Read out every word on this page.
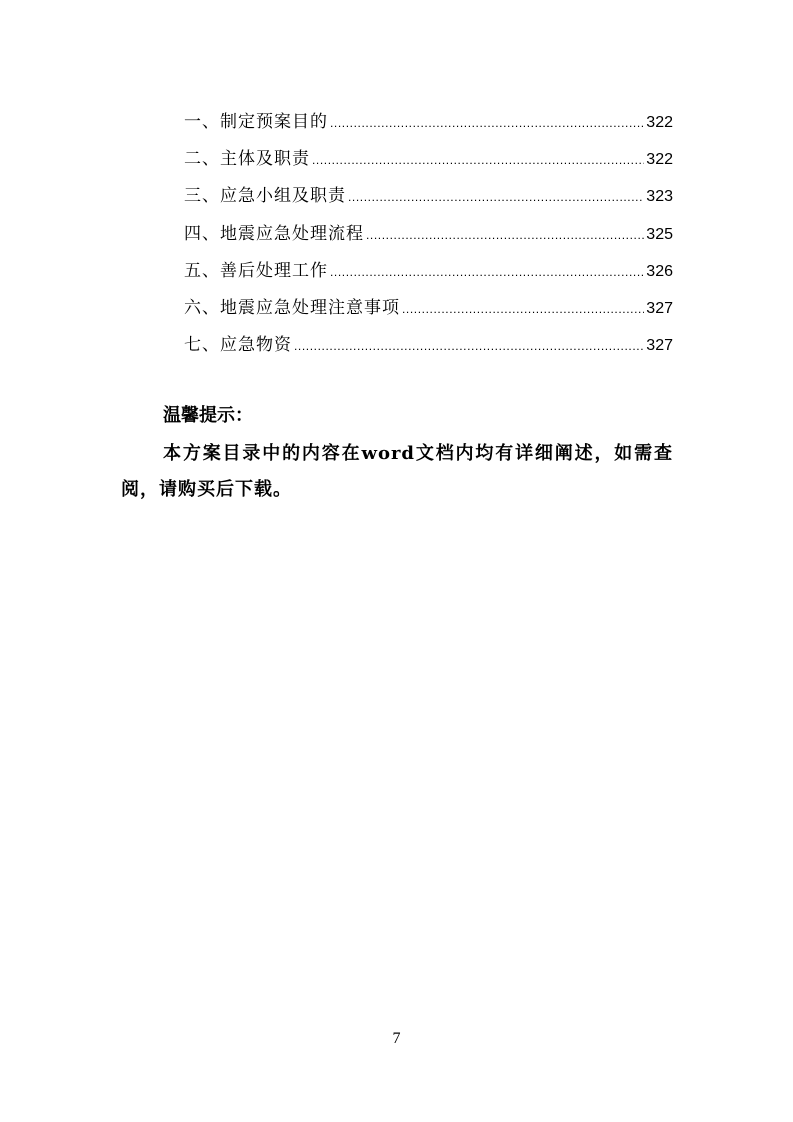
一、制定预案目的 .....	322
二、主体及职责 .....	322
三、应急小组及职责 .....	323
四、地震应急处理流程 .....	325
五、善后处理工作 .....	326
六、地震应急处理注意事项 .....	327
七、应急物资 .....	327
温馨提示：
本方案目录中的内容在word文档内均有详细阐述，如需查阅，请购买后下载。
7
